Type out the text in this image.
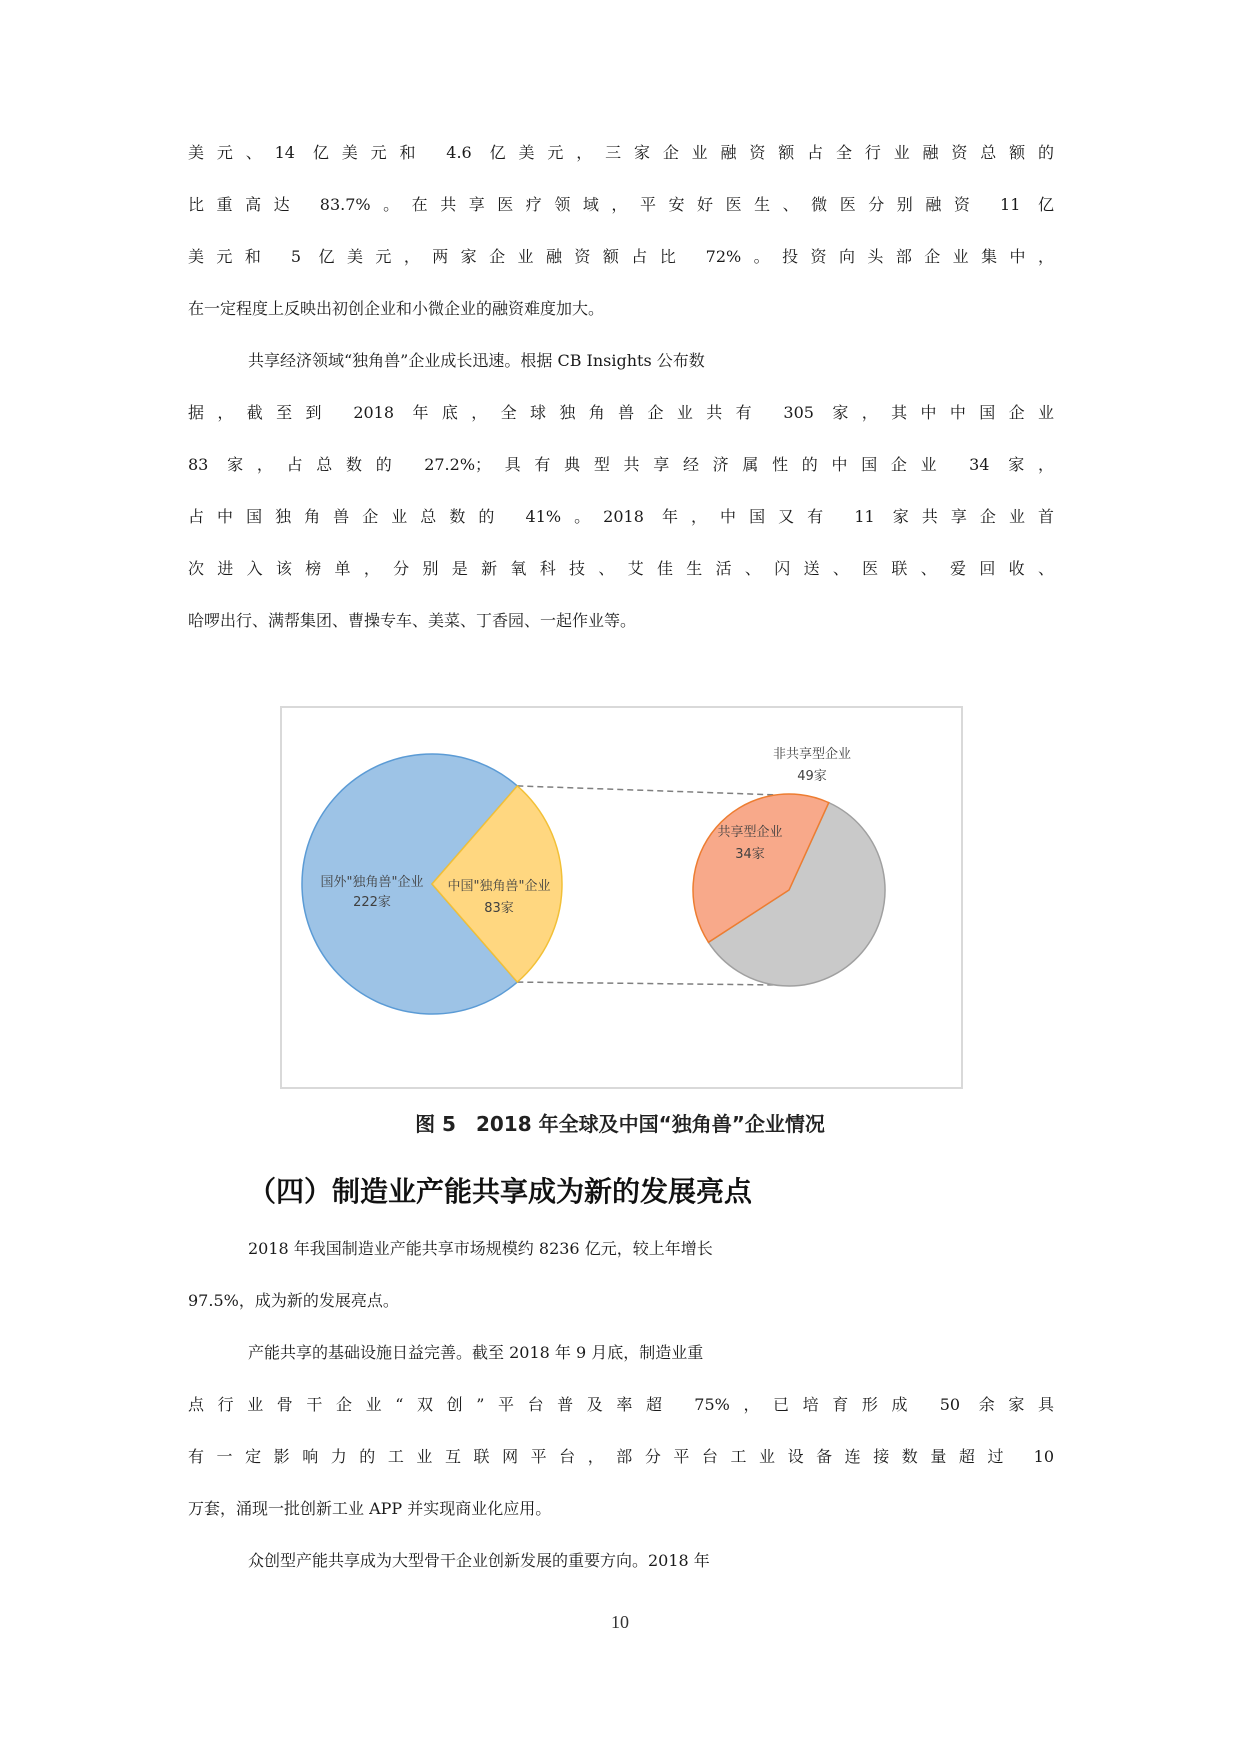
美元、14 亿美元和 4.6 亿美元，三家企业融资额占全行业融资总额的
比重高达 83.7%。在共享医疗领域，平安好医生、微医分别融资 11 亿
美元和 5 亿美元，两家企业融资额占比 72%。投资向头部企业集中，
在一定程度上反映出初创企业和小微企业的融资难度加大。
共享经济领域“独角兽”企业成长迅速。根据 CB Insights 公布数
据，截至到 2018 年底，全球独角兽企业共有 305 家，其中中国企业
83 家，占总数的 27.2%；具有典型共享经济属性的中国企业 34 家，
占中国独角兽企业总数的 41%。2018 年，中国又有 11 家共享企业首
次进入该榜单，分别是新氧科技、艾佳生活、闪送、医联、爱回收、
哈啰出行、满帮集团、曹操专车、美菜、丁香园、一起作业等。
国外"独角兽"企业
222家
中国"独角兽"企业
83家
非共享型企业
49家
共享型企业
34家
图 5　2018 年全球及中国“独角兽”企业情况
（四）制造业产能共享成为新的发展亮点
2018 年我国制造业产能共享市场规模约 8236 亿元，较上年增长
97.5%，成为新的发展亮点。
产能共享的基础设施日益完善。截至 2018 年 9 月底，制造业重
点行业骨干企业“双创”平台普及率超 75%，已培育形成 50 余家具
有一定影响力的工业互联网平台，部分平台工业设备连接数量超过 10
万套，涌现一批创新工业 APP 并实现商业化应用。
众创型产能共享成为大型骨干企业创新发展的重要方向。2018 年
10
